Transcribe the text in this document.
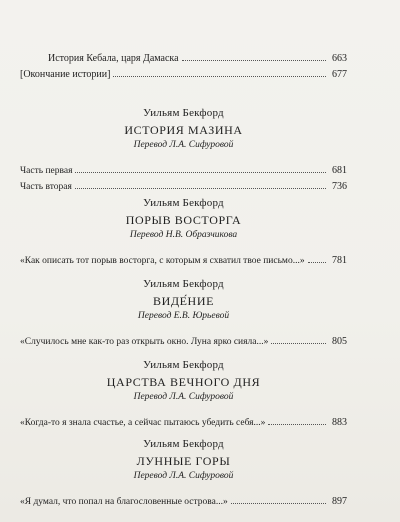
История Кебала, царя Дамаска	663
[Окончание истории]	677
Уильям Бекфорд
ИСТОРИЯ МАЗИНА
Перевод Л.А. Сифуровой
Часть первая	681
Часть вторая	736
Уильям Бекфорд
ПОРЫВ ВОСТОРГА
Перевод Н.В. Образчикова
«Как описать тот порыв восторга, с которым я схватил твое письмо...»	781
Уильям Бекфорд
ВИДЕ́НИЕ
Перевод Е.В. Юрьевой
«Случилось мне как-то раз открыть окно. Луна ярко сияла...»	805
Уильям Бекфорд
ЦАРСТВА ВЕЧНОГО ДНЯ
Перевод Л.А. Сифуровой
«Когда-то я знала счастье, а сейчас пытаюсь убедить себя...»	883
Уильям Бекфорд
ЛУННЫЕ ГОРЫ
Перевод Л.А. Сифуровой
«Я думал, что попал на благословенные острова...»	897
